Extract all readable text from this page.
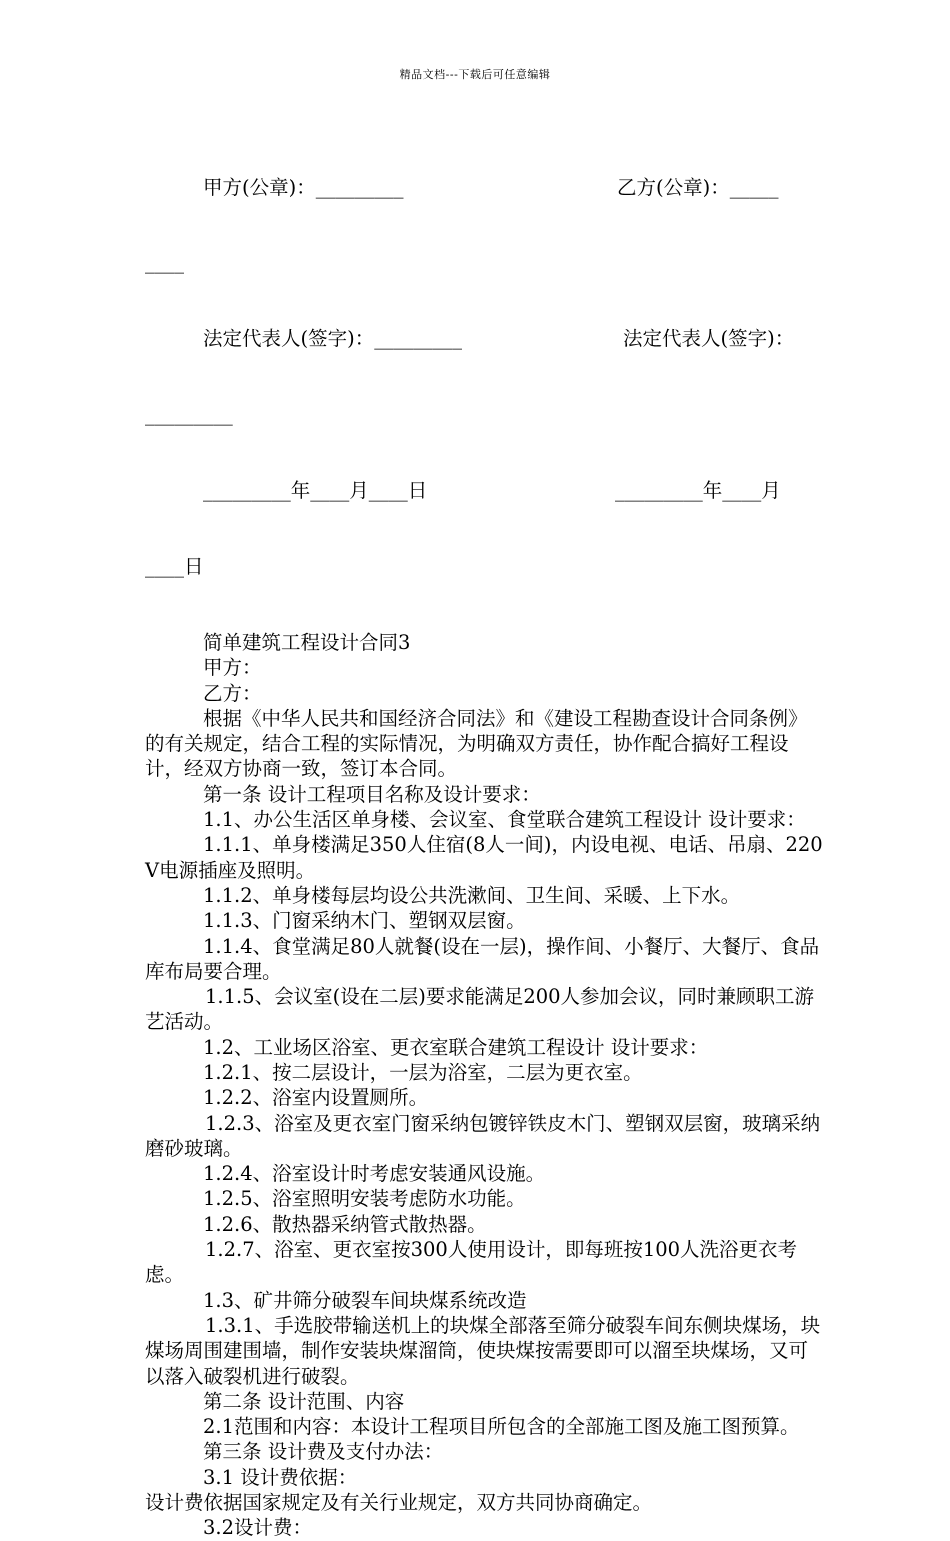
精品文档---下载后可任意编辑

甲方(公章)：_________

	乙方(公章)：_____

____

法定代表人(签字)：_________

	法定代表人(签字)：

_________

_________年____月____日

	_________年____月

____日

简单建筑工程设计合同3

甲方：

乙方：

根据《中华人民共和国经济合同法》和《建设工程勘查设计合同条例》的有关规定，结合工程的实际情况，为明确双方责任，协作配合搞好工程设计，经双方协商一致，签订本合同。

第一条 设计工程项目名称及设计要求：

1.1、办公生活区单身楼、会议室、食堂联合建筑工程设计 设计要求：

1.1.1、单身楼满足350人住宿(8人一间)，内设电视、电话、吊扇、220V电源插座及照明。

1.1.2、单身楼每层均设公共洗漱间、卫生间、采暖、上下水。

1.1.3、门窗采纳木门、塑钢双层窗。

1.1.4、食堂满足80人就餐(设在一层)，操作间、小餐厅、大餐厅、食品库布局要合理。

1.1.5、会议室(设在二层)要求能满足200人参加会议，同时兼顾职工游艺活动。

1.2、工业场区浴室、更衣室联合建筑工程设计 设计要求：

1.2.1、按二层设计，一层为浴室，二层为更衣室。

1.2.2、浴室内设置厕所。

1.2.3、浴室及更衣室门窗采纳包镀锌铁皮木门、塑钢双层窗，玻璃采纳磨砂玻璃。

1.2.4、浴室设计时考虑安装通风设施。

1.2.5、浴室照明安装考虑防水功能。

1.2.6、散热器采纳管式散热器。

1.2.7、浴室、更衣室按300人使用设计，即每班按100人洗浴更衣考虑。

1.3、矿井筛分破裂车间块煤系统改造

1.3.1、手选胶带输送机上的块煤全部落至筛分破裂车间东侧块煤场，块煤场周围建围墙，制作安装块煤溜筒，使块煤按需要即可以溜至块煤场，又可以落入破裂机进行破裂。

第二条 设计范围、内容

2.1范围和内容：本设计工程项目所包含的全部施工图及施工图预算。

第三条 设计费及支付办法：

3.1 设计费依据：

设计费依据国家规定及有关行业规定，双方共同协商确定。

3.2设计费：
